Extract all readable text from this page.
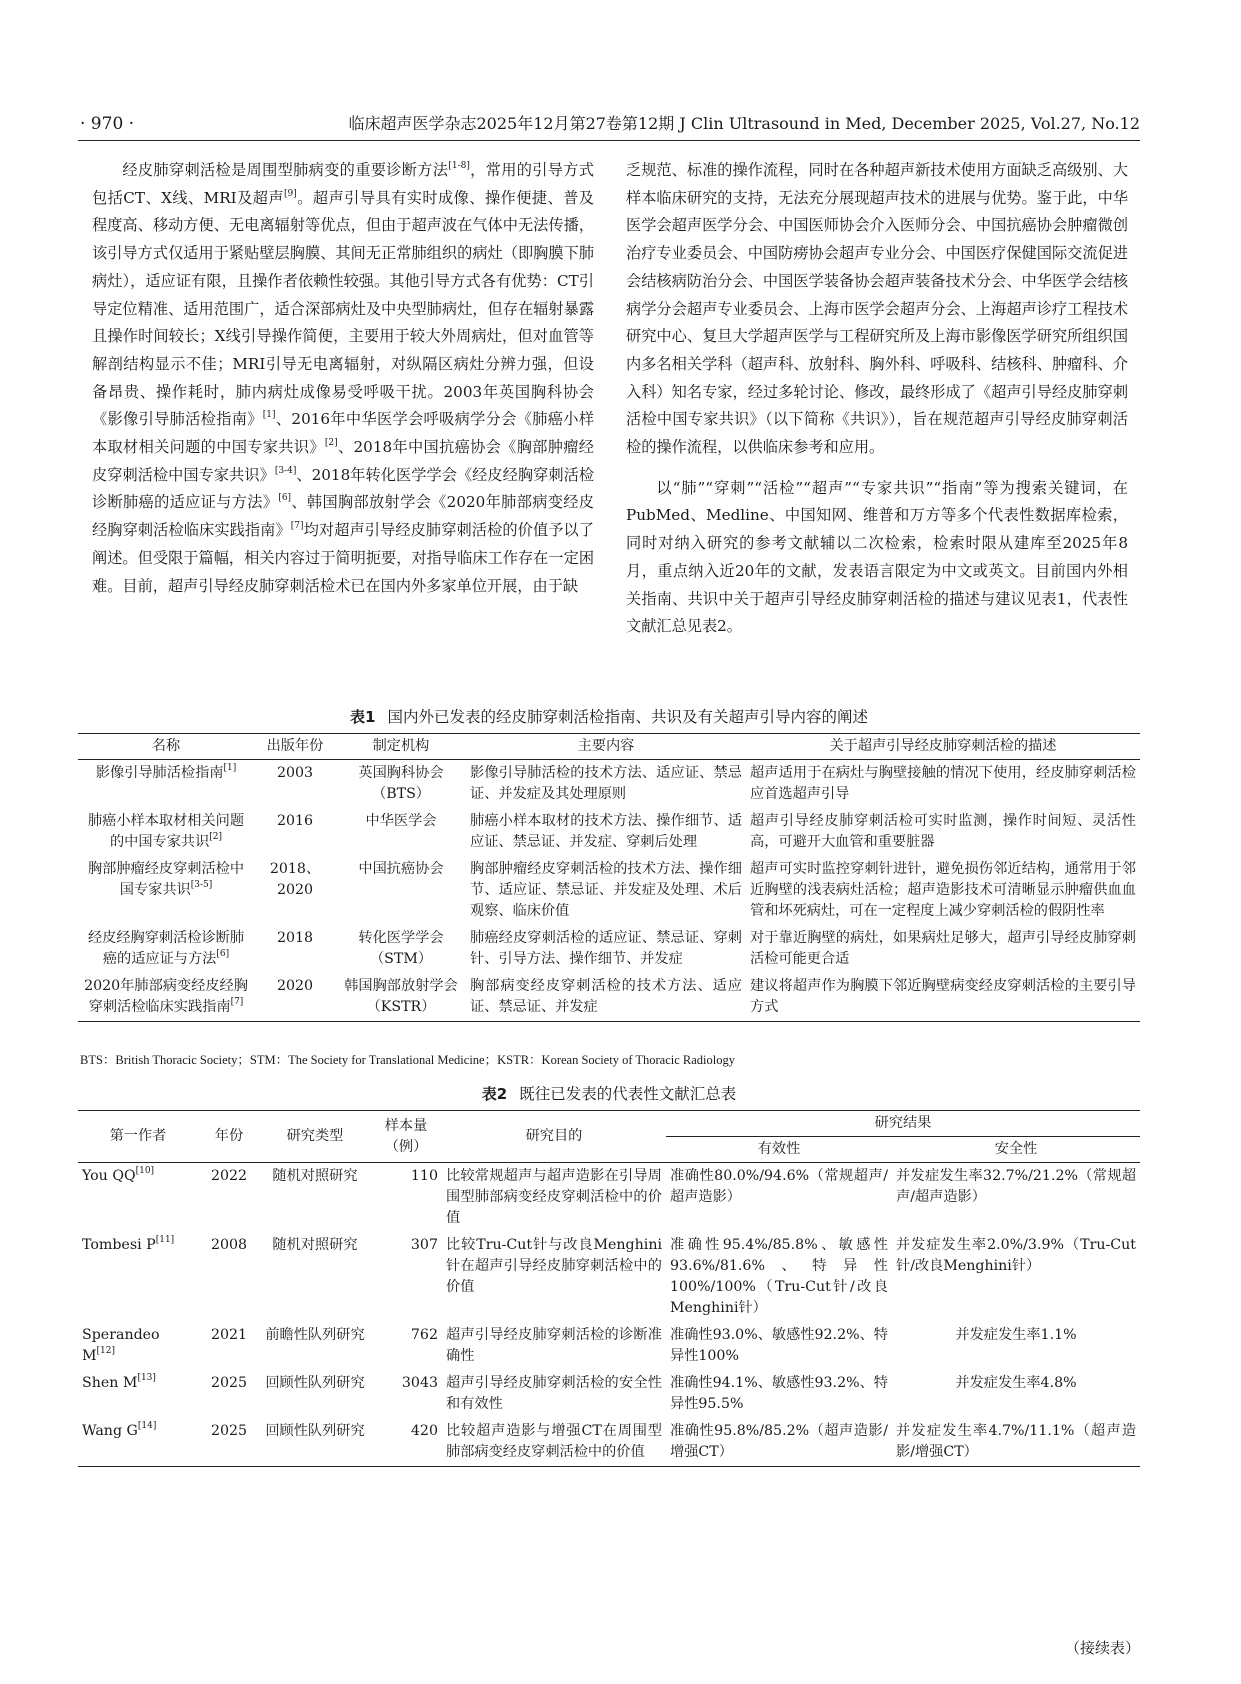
· 970 ·	临床超声医学杂志2025年12月第27卷第12期 J Clin Ultrasound in Med, December 2025, Vol.27, No.12

经皮肺穿刺活检是周围型肺病变的重要诊断方法[1-8]，常用的引导方式包括CT、X线、MRI及超声[9]。超声引导具有实时成像、操作便捷、普及程度高、移动方便、无电离辐射等优点，但由于超声波在气体中无法传播，该引导方式仅适用于紧贴壁层胸膜、其间无正常肺组织的病灶（即胸膜下肺病灶），适应证有限，且操作者依赖性较强。其他引导方式各有优势：CT引导定位精准、适用范围广，适合深部病灶及中央型肺病灶，但存在辐射暴露且操作时间较长；X线引导操作简便，主要用于较大外周病灶，但对血管等解剖结构显示不佳；MRI引导无电离辐射，对纵隔区病灶分辨力强，但设备昂贵、操作耗时，肺内病灶成像易受呼吸干扰。2003年英国胸科协会《影像引导肺活检指南》[1]、2016年中华医学会呼吸病学分会《肺癌小样本取材相关问题的中国专家共识》[2]、2018年中国抗癌协会《胸部肿瘤经皮穿刺活检中国专家共识》[3-4]、2018年转化医学学会《经皮经胸穿刺活检诊断肺癌的适应证与方法》[6]、韩国胸部放射学会《2020年肺部病变经皮经胸穿刺活检临床实践指南》[7]均对超声引导经皮肺穿刺活检的价值予以了阐述。但受限于篇幅，相关内容过于简明扼要，对指导临床工作存在一定困难。目前，超声引导经皮肺穿刺活检术已在国内外多家单位开展，由于缺

乏规范、标准的操作流程，同时在各种超声新技术使用方面缺乏高级别、大样本临床研究的支持，无法充分展现超声技术的进展与优势。鉴于此，中华医学会超声医学分会、中国医师协会介入医师分会、中国抗癌协会肿瘤微创治疗专业委员会、中国防痨协会超声专业分会、中国医疗保健国际交流促进会结核病防治分会、中国医学装备协会超声装备技术分会、中华医学会结核病学分会超声专业委员会、上海市医学会超声分会、上海超声诊疗工程技术研究中心、复旦大学超声医学与工程研究所及上海市影像医学研究所组织国内多名相关学科（超声科、放射科、胸外科、呼吸科、结核科、肿瘤科、介入科）知名专家，经过多轮讨论、修改，最终形成了《超声引导经皮肺穿刺活检中国专家共识》（以下简称《共识》），旨在规范超声引导经皮肺穿刺活检的操作流程，以供临床参考和应用。

以“肺”“穿刺”“活检”“超声”“专家共识”“指南”等为搜索关键词，在PubMed、Medline、中国知网、维普和万方等多个代表性数据库检索，同时对纳入研究的参考文献辅以二次检索，检索时限从建库至2025年8月，重点纳入近20年的文献，发表语言限定为中文或英文。目前国内外相关指南、共识中关于超声引导经皮肺穿刺活检的描述与建议见表1，代表性文献汇总见表2。

表1 国内外已发表的经皮肺穿刺活检指南、共识及有关超声引导内容的阐述
名称	出版年份	制定机构	主要内容	关于超声引导经皮肺穿刺活检的描述
影像引导肺活检指南[1]	2003	英国胸科协会（BTS）	影像引导肺活检的技术方法、适应证、禁忌证、并发症及其处理原则	超声适用于在病灶与胸壁接触的情况下使用，经皮肺穿刺活检应首选超声引导
肺癌小样本取材相关问题的中国专家共识[2]	2016	中华医学会	肺癌小样本取材的技术方法、操作细节、适应证、禁忌证、并发症、穿刺后处理	超声引导经皮肺穿刺活检可实时监测，操作时间短、灵活性高，可避开大血管和重要脏器
胸部肿瘤经皮穿刺活检中国专家共识[3-5]	2018、2020	中国抗癌协会	胸部肿瘤经皮穿刺活检的技术方法、操作细节、适应证、禁忌证、并发症及处理、术后观察、临床价值	超声可实时监控穿刺针进针，避免损伤邻近结构，通常用于邻近胸壁的浅表病灶活检；超声造影技术可清晰显示肿瘤供血血管和坏死病灶，可在一定程度上减少穿刺活检的假阴性率
经皮经胸穿刺活检诊断肺癌的适应证与方法[6]	2018	转化医学学会（STM）	肺癌经皮穿刺活检的适应证、禁忌证、穿刺针、引导方法、操作细节、并发症	对于靠近胸壁的病灶，如果病灶足够大，超声引导经皮肺穿刺活检可能更合适
2020年肺部病变经皮经胸穿刺活检临床实践指南[7]	2020	韩国胸部放射学会（KSTR）	胸部病变经皮穿刺活检的技术方法、适应证、禁忌证、并发症	建议将超声作为胸膜下邻近胸壁病变经皮穿刺活检的主要引导方式
BTS：British Thoracic Society；STM：The Society for Translational Medicine；KSTR：Korean Society of Thoracic Radiology
表2 既往已发表的代表性文献汇总表
第一作者	年份	研究类型	样本量（例）	研究目的	研究结果	
					有效性	安全性
You QQ[10]	2022	随机对照研究	110	比较常规超声与超声造影在引导周围型肺部病变经皮穿刺活检中的价值	准确性80.0%/94.6%（常规超声/超声造影）	并发症发生率32.7%/21.2%（常规超声/超声造影）
Tombesi P[11]	2008	随机对照研究	307	比较Tru-Cut针与改良Menghini针在超声引导经皮肺穿刺活检中的价值	准确性95.4%/85.8%、敏感性93.6%/81.6%、特异性100%/100%（Tru-Cut针/改良Menghini针）	并发症发生率2.0%/3.9%（Tru-Cut针/改良Menghini针）
Sperandeo M[12]	2021	前瞻性队列研究	762	超声引导经皮肺穿刺活检的诊断准确性	准确性93.0%、敏感性92.2%、特异性100%	并发症发生率1.1%
Shen M[13]	2025	回顾性队列研究	3043	超声引导经皮肺穿刺活检的安全性和有效性	准确性94.1%、敏感性93.2%、特异性95.5%	并发症发生率4.8%
Wang G[14]	2025	回顾性队列研究	420	比较超声造影与增强CT在周围型肺部病变经皮穿刺活检中的价值	准确性95.8%/85.2%（超声造影/增强CT）	并发症发生率4.7%/11.1%（超声造影/增强CT）
（接续表）
